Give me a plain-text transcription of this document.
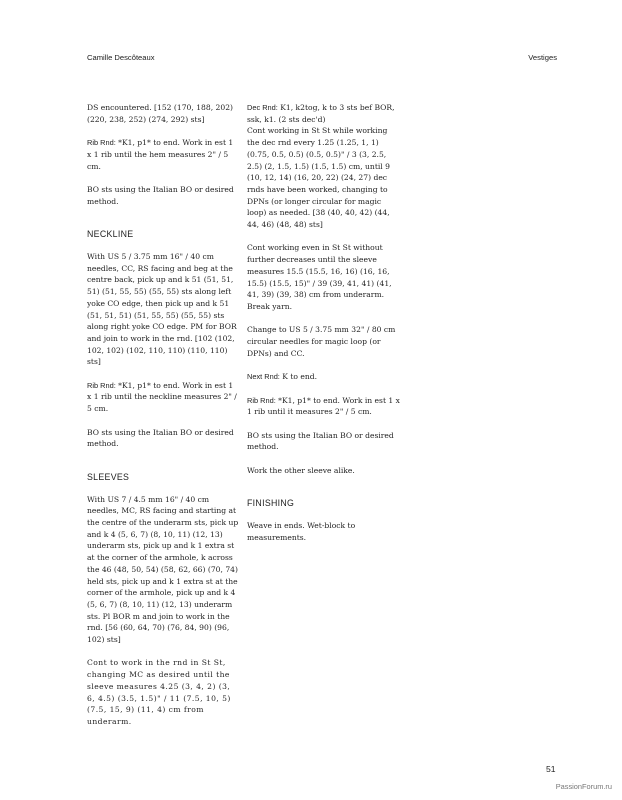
Camille Descôteaux	Vestiges

DS encountered. [152 (170, 188, 202) (220, 238, 252) (274, 292) sts]

Rib Rnd: *K1, p1* to end. Work in est 1 x 1 rib until the hem measures 2" / 5 cm.

BO sts using the Italian BO or desired method.

NECKLINE

With US 5 / 3.75 mm 16" / 40 cm needles, CC, RS facing and beg at the centre back, pick up and k 51 (51, 51, 51) (51, 55, 55) (55, 55) sts along left yoke CO edge, then pick up and k 51 (51, 51, 51) (51, 55, 55) (55, 55) sts along right yoke CO edge. PM for BOR and join to work in the rnd. [102 (102, 102, 102) (102, 110, 110) (110, 110) sts]

Rib Rnd: *K1, p1* to end. Work in est 1 x 1 rib until the neckline measures 2" / 5 cm.

BO sts using the Italian BO or desired method.

SLEEVES

With US 7 / 4.5 mm 16" / 40 cm needles, MC, RS facing and starting at the centre of the underarm sts, pick up and k 4 (5, 6, 7) (8, 10, 11) (12, 13) underarm sts, pick up and k 1 extra st at the corner of the armhole, k across the 46 (48, 50, 54) (58, 62, 66) (70, 74) held sts, pick up and k 1 extra st at the corner of the armhole, pick up and k 4 (5, 6, 7) (8, 10, 11) (12, 13) underarm sts. Pl BOR m and join to work in the rnd. [56 (60, 64, 70) (76, 84, 90) (96, 102) sts]

Cont to work in the rnd in St St, changing MC as desired until the sleeve measures 4.25 (3, 4, 2) (3, 6, 4.5) (3.5, 1.5)" / 11 (7.5, 10, 5) (7.5, 15, 9) (11, 4) cm from underarm.

Dec Rnd: K1, k2tog, k to 3 sts bef BOR, ssk, k1. (2 sts dec'd)

Cont working in St St while working the dec rnd every 1.25 (1.25, 1, 1) (0.75, 0.5, 0.5) (0.5, 0.5)" / 3 (3, 2.5, 2.5) (2, 1.5, 1.5) (1.5, 1.5) cm, until 9 (10, 12, 14) (16, 20, 22) (24, 27) dec rnds have been worked, changing to DPNs (or longer circular for magic loop) as needed. [38 (40, 40, 42) (44, 44, 46) (48, 48) sts]

Cont working even in St St without further decreases until the sleeve measures 15.5 (15.5, 16, 16) (16, 16, 15.5) (15.5, 15)" / 39 (39, 41, 41) (41, 41, 39) (39, 38) cm from underarm. Break yarn.

Change to US 5 / 3.75 mm 32" / 80 cm circular needles for magic loop (or DPNs) and CC.

Next Rnd: K to end.

Rib Rnd: *K1, p1* to end. Work in est 1 x 1 rib until it measures 2" / 5 cm.

BO sts using the Italian BO or desired method.

Work the other sleeve alike.

FINISHING

Weave in ends. Wet-block to measurements.

51
PassionForum.ru
